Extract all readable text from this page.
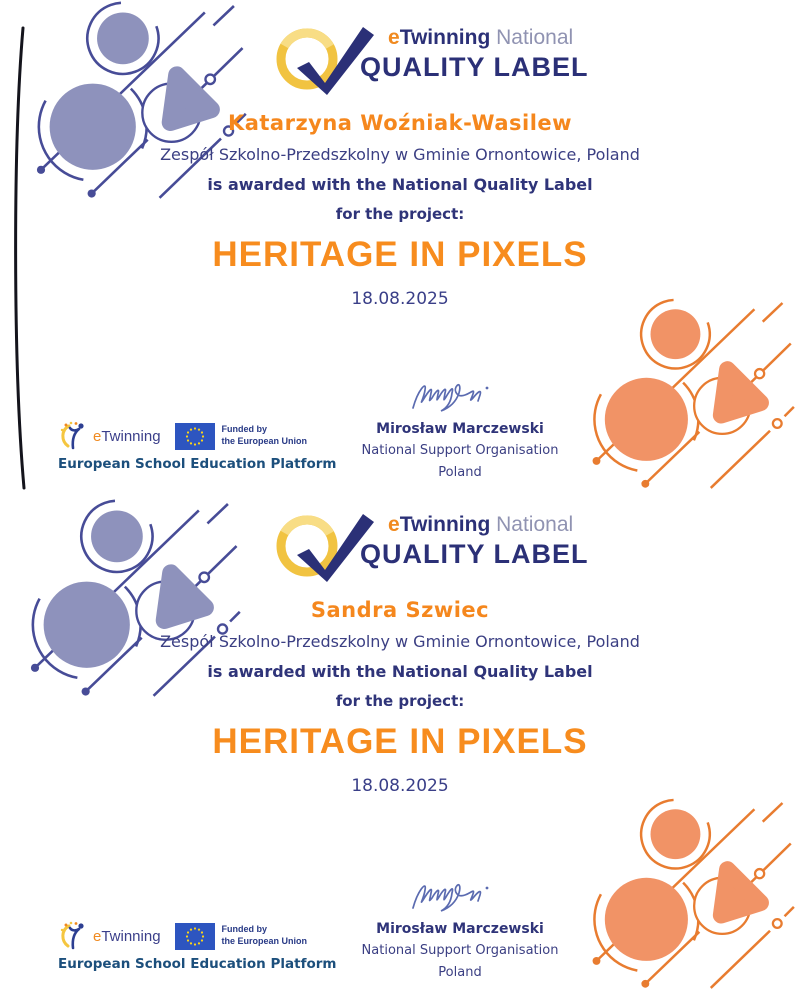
eTwinning National
QUALITY LABEL
Katarzyna Woźniak-Wasilew
Zespół Szkolno-Przedszkolny w Gminie Ornontowice, Poland
is awarded with the National Quality Label
for the project:
HERITAGE IN PIXELS
18.08.2025
eTwinning	Funded by
the European Union
European School Education Platform
Mirosław Marczewski
National Support Organisation
Poland
eTwinning National
QUALITY LABEL
Sandra Szwiec
Zespół Szkolno-Przedszkolny w Gminie Ornontowice, Poland
is awarded with the National Quality Label
for the project:
HERITAGE IN PIXELS
18.08.2025
eTwinning	Funded by
the European Union
European School Education Platform
Mirosław Marczewski
National Support Organisation
Poland
